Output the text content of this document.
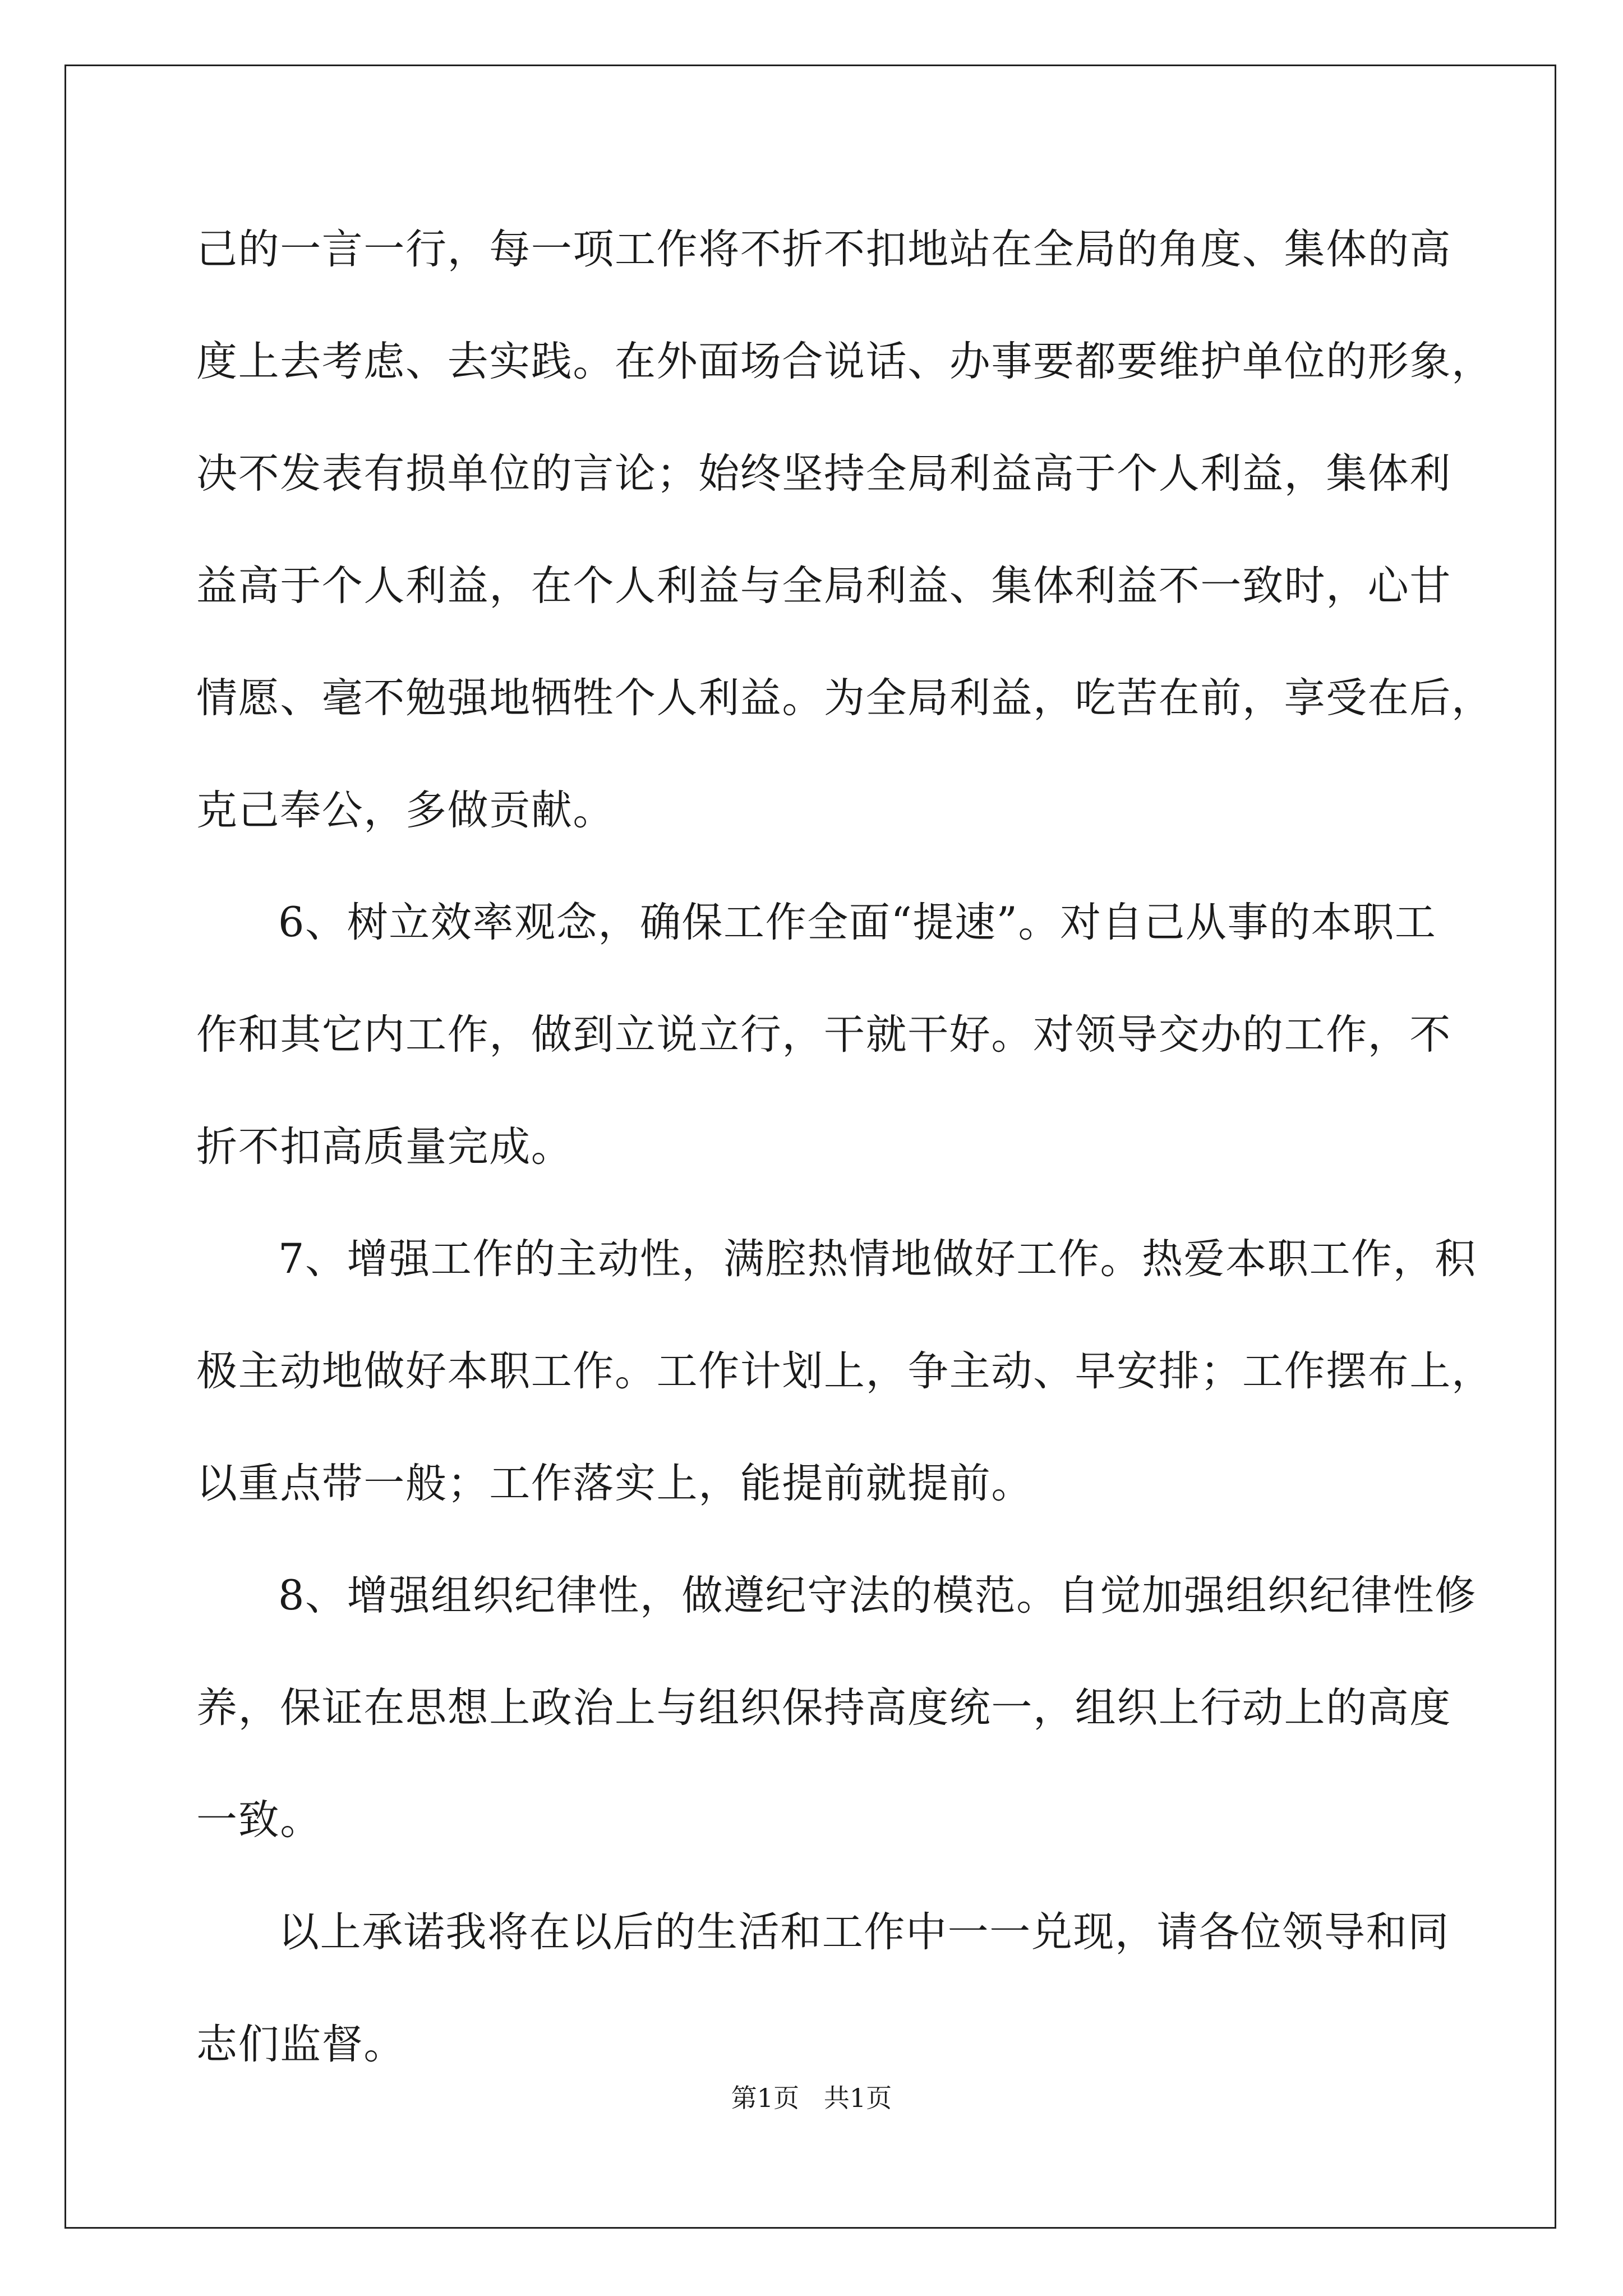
己的一言一行，每一项工作将不折不扣地站在全局的角度、集体的高
度上去考虑、去实践。在外面场合说话、办事要都要维护单位的形象，
决不发表有损单位的言论；始终坚持全局利益高于个人利益，集体利
益高于个人利益，在个人利益与全局利益、集体利益不一致时，心甘
情愿、毫不勉强地牺牲个人利益。为全局利益，吃苦在前，享受在后，
克己奉公，多做贡献。
6、树立效率观念，确保工作全面“提速”。对自己从事的本职工
作和其它内工作，做到立说立行，干就干好。对领导交办的工作，不
折不扣高质量完成。
7、增强工作的主动性，满腔热情地做好工作。热爱本职工作，积
极主动地做好本职工作。工作计划上，争主动、早安排；工作摆布上，
以重点带一般；工作落实上，能提前就提前。
8、增强组织纪律性，做遵纪守法的模范。自觉加强组织纪律性修
养，保证在思想上政治上与组织保持高度统一，组织上行动上的高度
一致。
以上承诺我将在以后的生活和工作中一一兑现，请各位领导和同
志们监督。
第1页   共1页
